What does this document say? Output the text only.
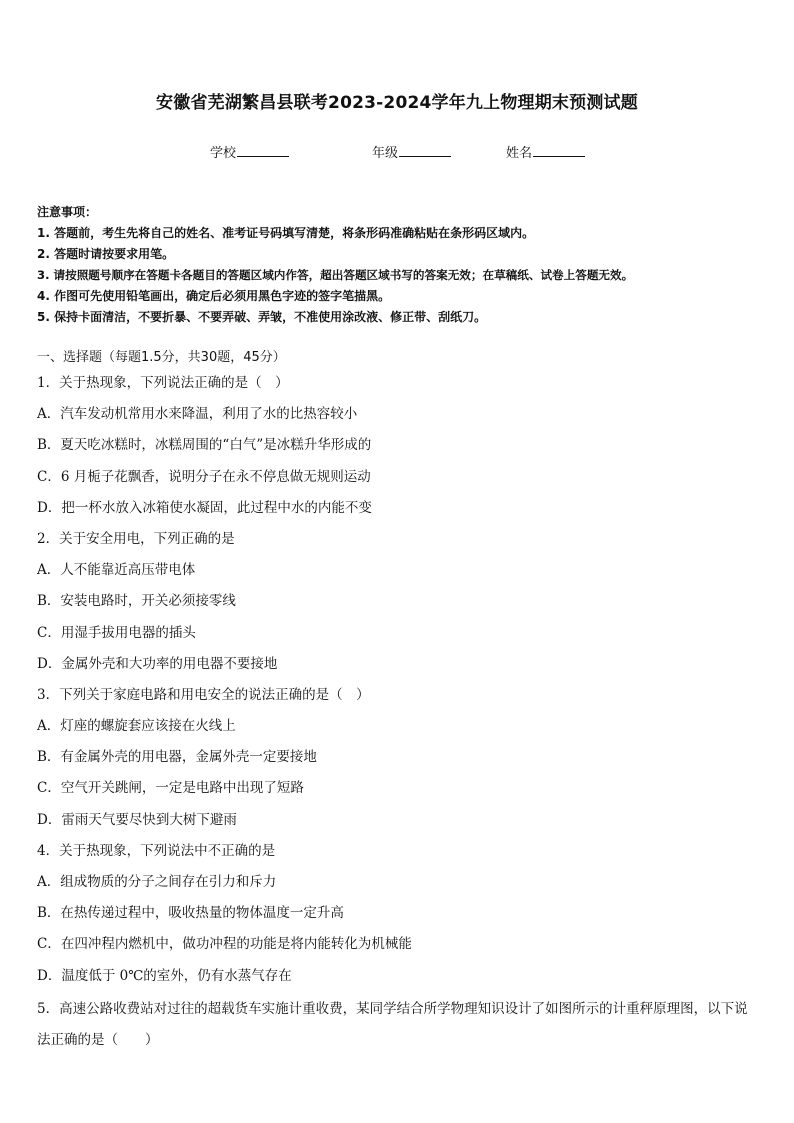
安徽省芜湖繁昌县联考2023-2024学年九上物理期末预测试题
学校	年级	姓名
注意事项：
1. 答题前，考生先将自己的姓名、准考证号码填写清楚，将条形码准确粘贴在条形码区域内。
2. 答题时请按要求用笔。
3. 请按照题号顺序在答题卡各题目的答题区域内作答，超出答题区域书写的答案无效；在草稿纸、试卷上答题无效。
4. 作图可先使用铅笔画出，确定后必须用黑色字迹的签字笔描黑。
5. 保持卡面清洁，不要折暴、不要弄破、弄皱，不准使用涂改液、修正带、刮纸刀。
一、选择题（每题1.5分，共30题，45分）
1．关于热现象，下列说法正确的是（　）
A．汽车发动机常用水来降温，利用了水的比热容较小
B．夏天吃冰糕时，冰糕周围的“白气”是冰糕升华形成的
C．6 月栀子花飘香，说明分子在永不停息做无规则运动
D．把一杯水放入冰箱使水凝固，此过程中水的内能不变
2．关于安全用电，下列正确的是
A．人不能靠近高压带电体
B．安装电路时，开关必须接零线
C．用湿手拔用电器的插头
D．金属外壳和大功率的用电器不要接地
3．下列关于家庭电路和用电安全的说法正确的是（　）
A．灯座的螺旋套应该接在火线上
B．有金属外壳的用电器，金属外壳一定要接地
C．空气开关跳闸，一定是电路中出现了短路
D．雷雨天气要尽快到大树下避雨
4．关于热现象，下列说法中不正确的是
A．组成物质的分子之间存在引力和斥力
B．在热传递过程中，吸收热量的物体温度一定升高
C．在四冲程内燃机中，做功冲程的功能是将内能转化为机械能
D．温度低于 0℃的室外，仍有水蒸气存在
5．高速公路收费站对过往的超载货车实施计重收费，某同学结合所学物理知识设计了如图所示的计重秤原理图，以下说法正确的是（　　）
